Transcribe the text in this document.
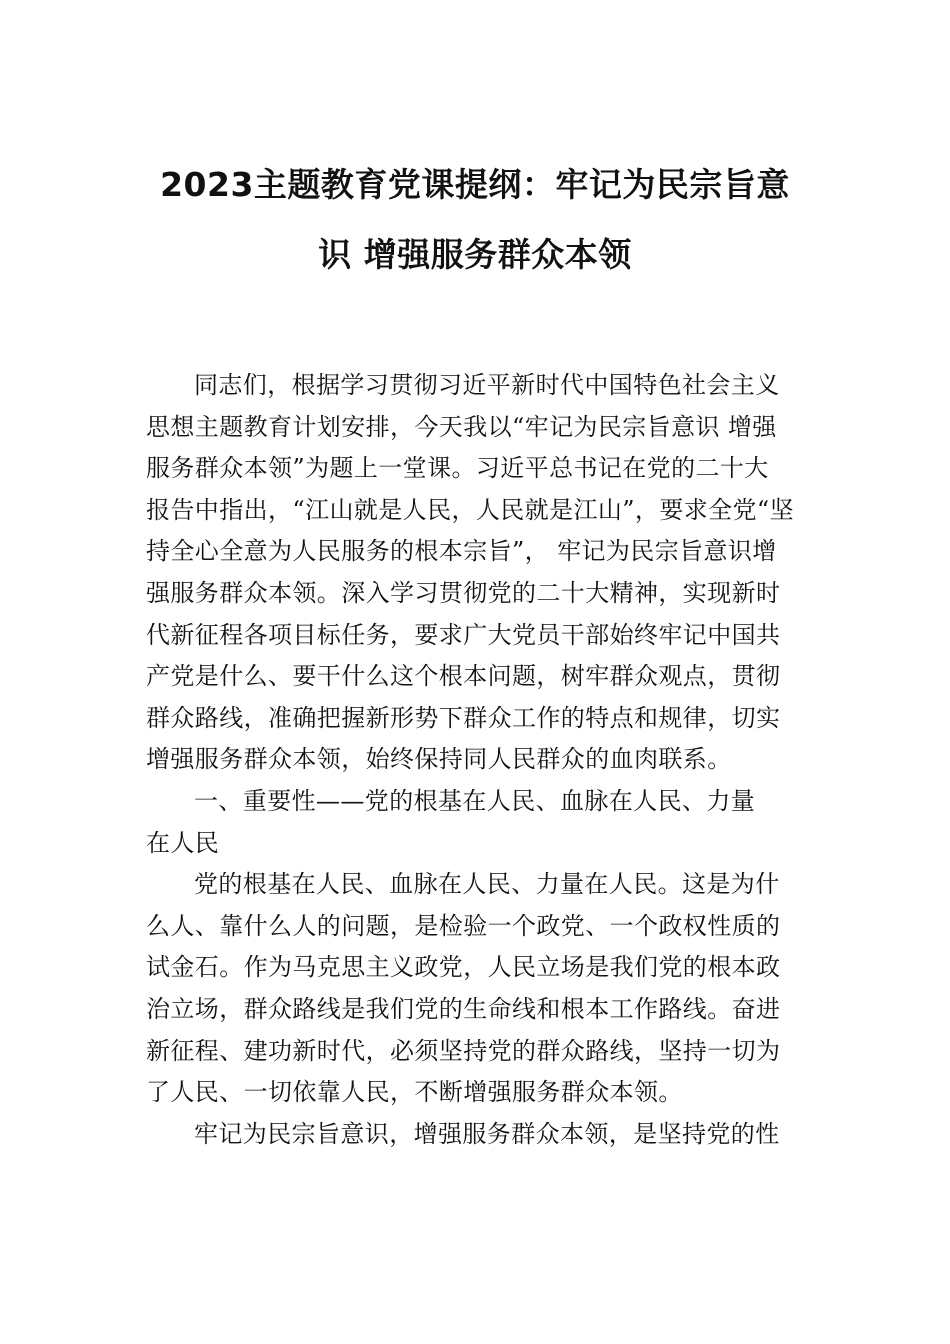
2023主题教育党课提纲：牢记为民宗旨意
识 增强服务群众本领
同志们，根据学习贯彻习近平新时代中国特色社会主义
思想主题教育计划安排，今天我以“牢记为民宗旨意识 增强
服务群众本领”为题上一堂课。习近平总书记在党的二十大
报告中指出，“江山就是人民，人民就是江山”，要求全党“坚
持全心全意为人民服务的根本宗旨”， 牢记为民宗旨意识增
强服务群众本领。深入学习贯彻党的二十大精神，实现新时
代新征程各项目标任务，要求广大党员干部始终牢记中国共
产党是什么、要干什么这个根本问题，树牢群众观点，贯彻
群众路线，准确把握新形势下群众工作的特点和规律，切实
增强服务群众本领，始终保持同人民群众的血肉联系。
一、重要性——党的根基在人民、血脉在人民、力量
在人民
党的根基在人民、血脉在人民、力量在人民。这是为什
么人、靠什么人的问题，是检验一个政党、一个政权性质的
试金石。作为马克思主义政党，人民立场是我们党的根本政
治立场，群众路线是我们党的生命线和根本工作路线。奋进
新征程、建功新时代，必须坚持党的群众路线，坚持一切为
了人民、一切依靠人民，不断增强服务群众本领。
牢记为民宗旨意识，增强服务群众本领，是坚持党的性
